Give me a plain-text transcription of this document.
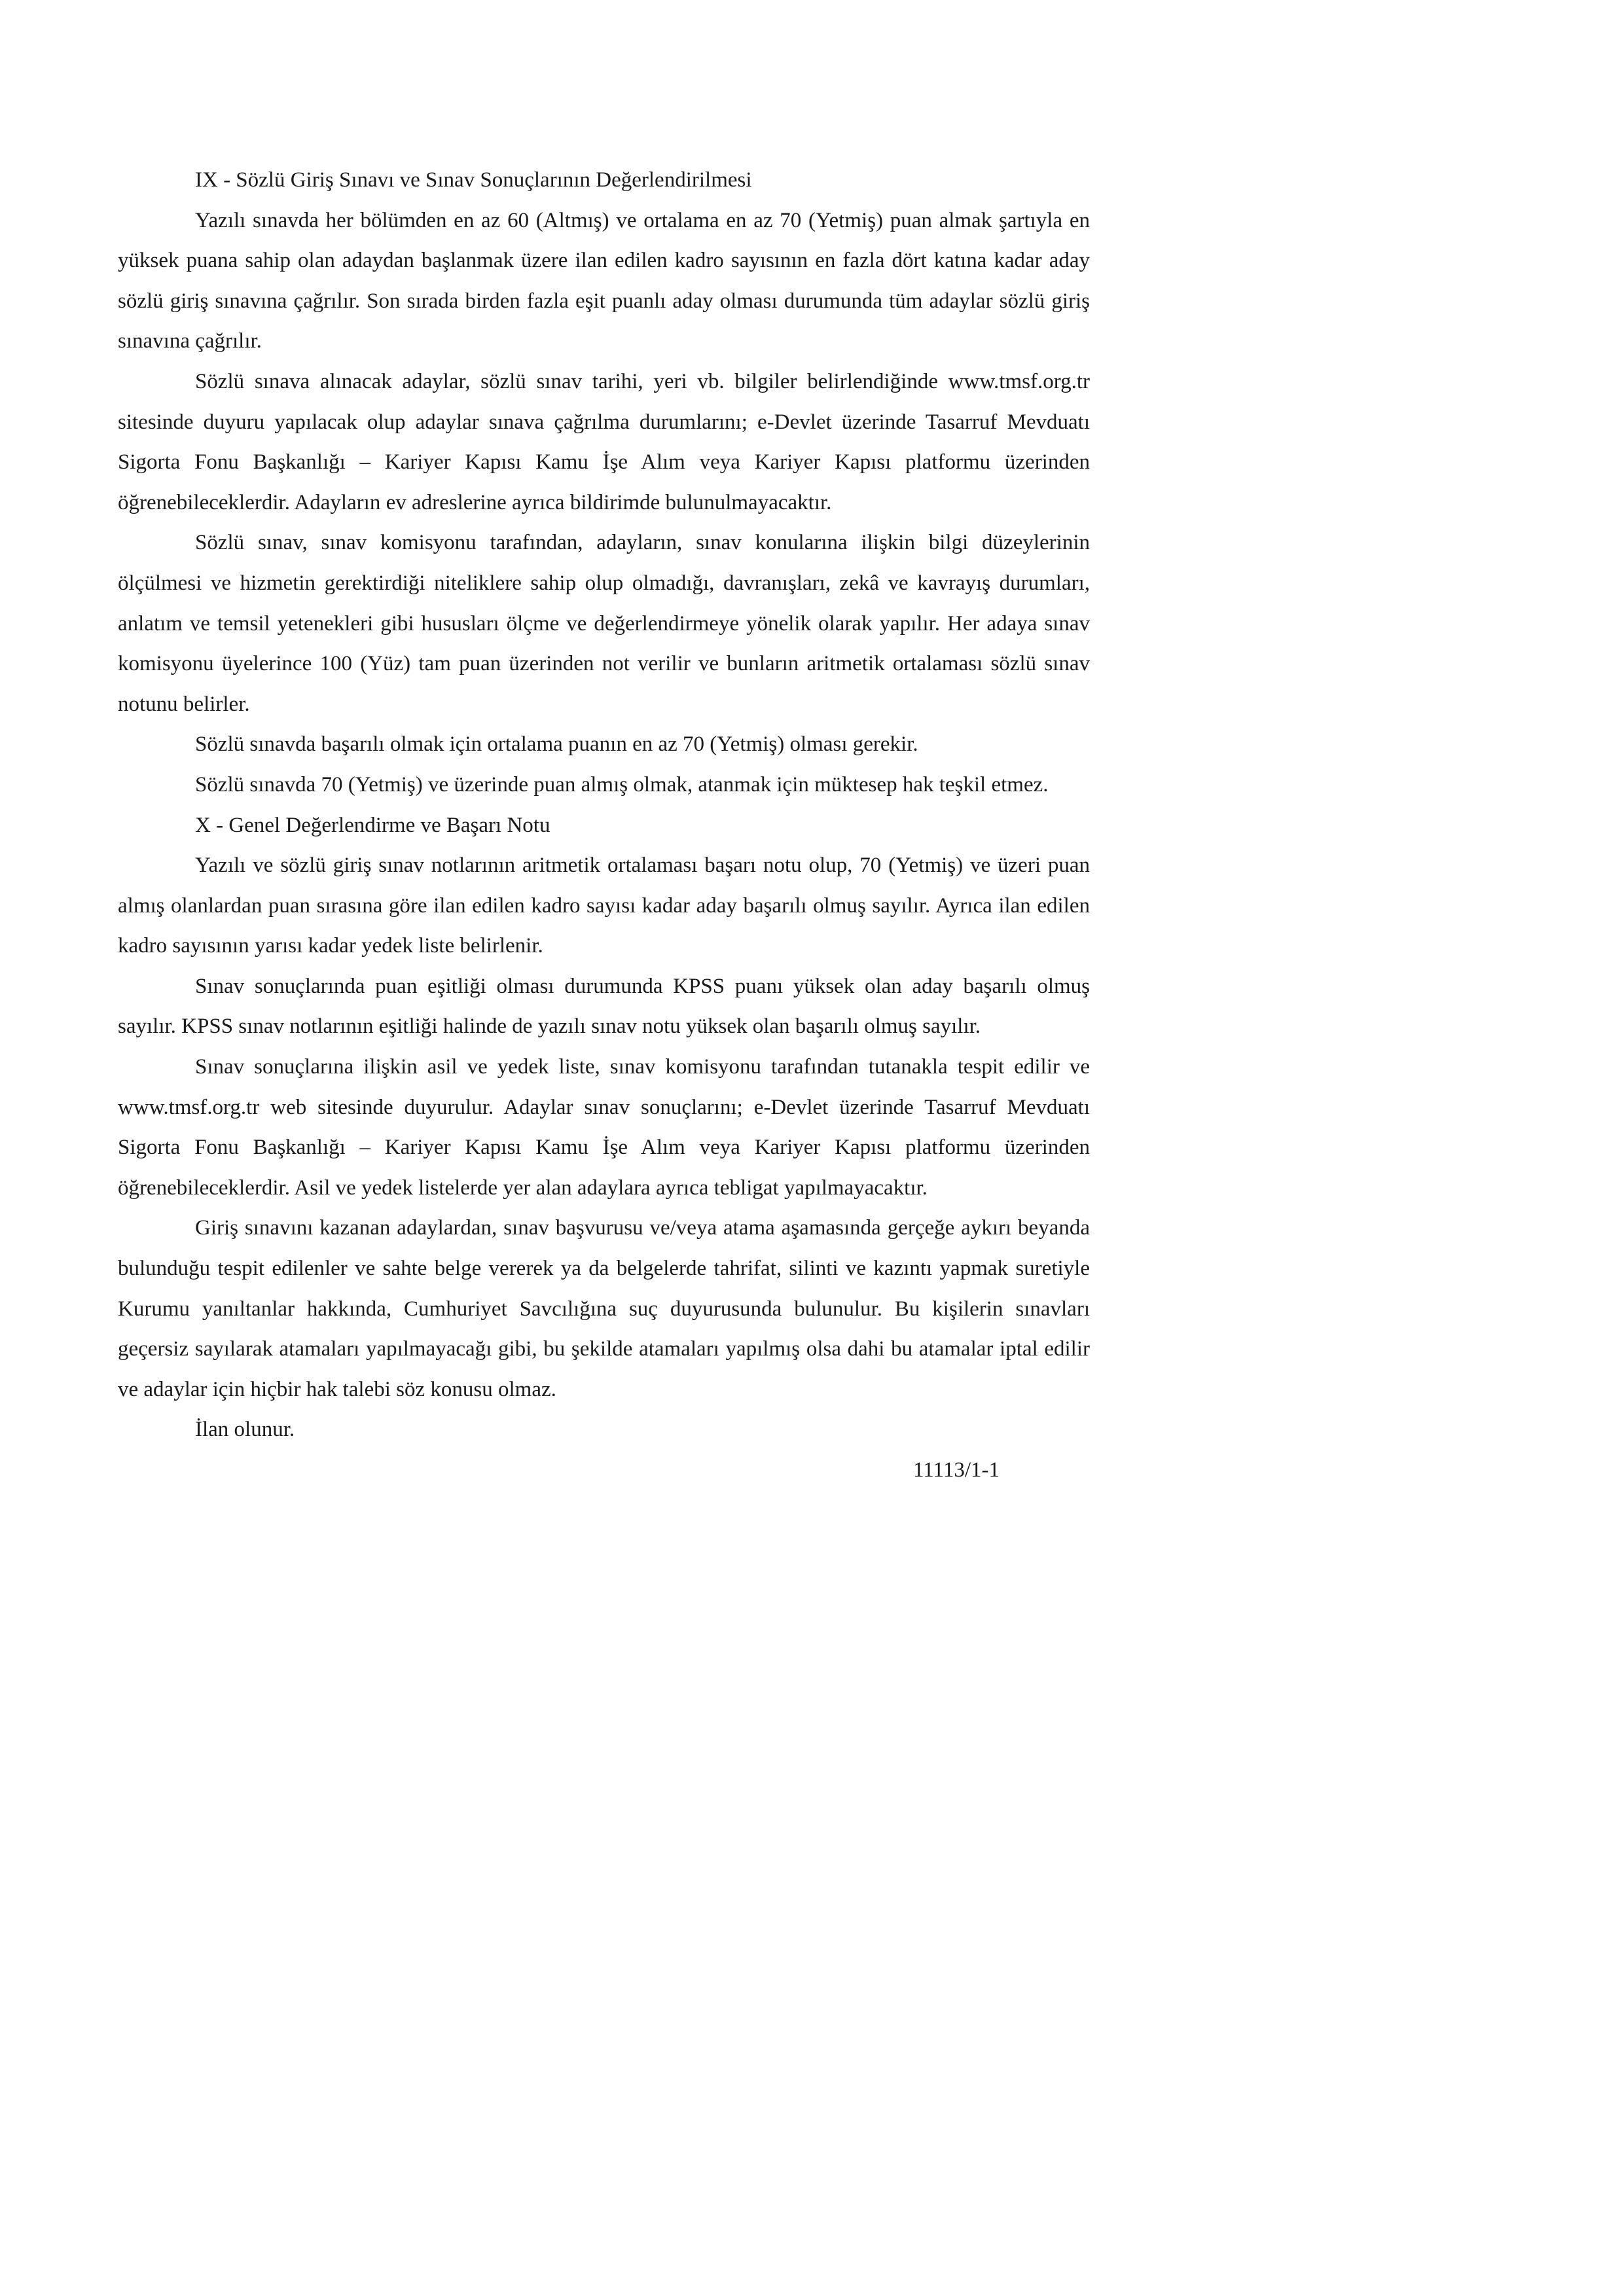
IX - Sözlü Giriş Sınavı ve Sınav Sonuçlarının Değerlendirilmesi

Yazılı sınavda her bölümden en az 60 (Altmış) ve ortalama en az 70 (Yetmiş) puan almak şartıyla en yüksek puana sahip olan adaydan başlanmak üzere ilan edilen kadro sayısının en fazla dört katına kadar aday sözlü giriş sınavına çağrılır. Son sırada birden fazla eşit puanlı aday olması durumunda tüm adaylar sözlü giriş sınavına çağrılır.

Sözlü sınava alınacak adaylar, sözlü sınav tarihi, yeri vb. bilgiler belirlendiğinde www.tmsf.org.tr sitesinde duyuru yapılacak olup adaylar sınava çağrılma durumlarını; e-Devlet üzerinde Tasarruf Mevduatı Sigorta Fonu Başkanlığı – Kariyer Kapısı Kamu İşe Alım veya Kariyer Kapısı platformu üzerinden öğrenebileceklerdir. Adayların ev adreslerine ayrıca bildirimde bulunulmayacaktır.

Sözlü sınav, sınav komisyonu tarafından, adayların, sınav konularına ilişkin bilgi düzeylerinin ölçülmesi ve hizmetin gerektirdiği niteliklere sahip olup olmadığı, davranışları, zekâ ve kavrayış durumları, anlatım ve temsil yetenekleri gibi hususları ölçme ve değerlendirmeye yönelik olarak yapılır. Her adaya sınav komisyonu üyelerince 100 (Yüz) tam puan üzerinden not verilir ve bunların aritmetik ortalaması sözlü sınav notunu belirler.

Sözlü sınavda başarılı olmak için ortalama puanın en az 70 (Yetmiş) olması gerekir.

Sözlü sınavda 70 (Yetmiş) ve üzerinde puan almış olmak, atanmak için müktesep hak teşkil etmez.

X - Genel Değerlendirme ve Başarı Notu

Yazılı ve sözlü giriş sınav notlarının aritmetik ortalaması başarı notu olup, 70 (Yetmiş) ve üzeri puan almış olanlardan puan sırasına göre ilan edilen kadro sayısı kadar aday başarılı olmuş sayılır. Ayrıca ilan edilen kadro sayısının yarısı kadar yedek liste belirlenir.

Sınav sonuçlarında puan eşitliği olması durumunda KPSS puanı yüksek olan aday başarılı olmuş sayılır. KPSS sınav notlarının eşitliği halinde de yazılı sınav notu yüksek olan başarılı olmuş sayılır.

Sınav sonuçlarına ilişkin asil ve yedek liste, sınav komisyonu tarafından tutanakla tespit edilir ve www.tmsf.org.tr web sitesinde duyurulur. Adaylar sınav sonuçlarını; e-Devlet üzerinde Tasarruf Mevduatı Sigorta Fonu Başkanlığı – Kariyer Kapısı Kamu İşe Alım veya Kariyer Kapısı platformu üzerinden öğrenebileceklerdir. Asil ve yedek listelerde yer alan adaylara ayrıca tebligat yapılmayacaktır.

Giriş sınavını kazanan adaylardan, sınav başvurusu ve/veya atama aşamasında gerçeğe aykırı beyanda bulunduğu tespit edilenler ve sahte belge vererek ya da belgelerde tahrifat, silinti ve kazıntı yapmak suretiyle Kurumu yanıltanlar hakkında, Cumhuriyet Savcılığına suç duyurusunda bulunulur. Bu kişilerin sınavları geçersiz sayılarak atamaları yapılmayacağı gibi, bu şekilde atamaları yapılmış olsa dahi bu atamalar iptal edilir ve adaylar için hiçbir hak talebi söz konusu olmaz.

İlan olunur.

11113/1-1
